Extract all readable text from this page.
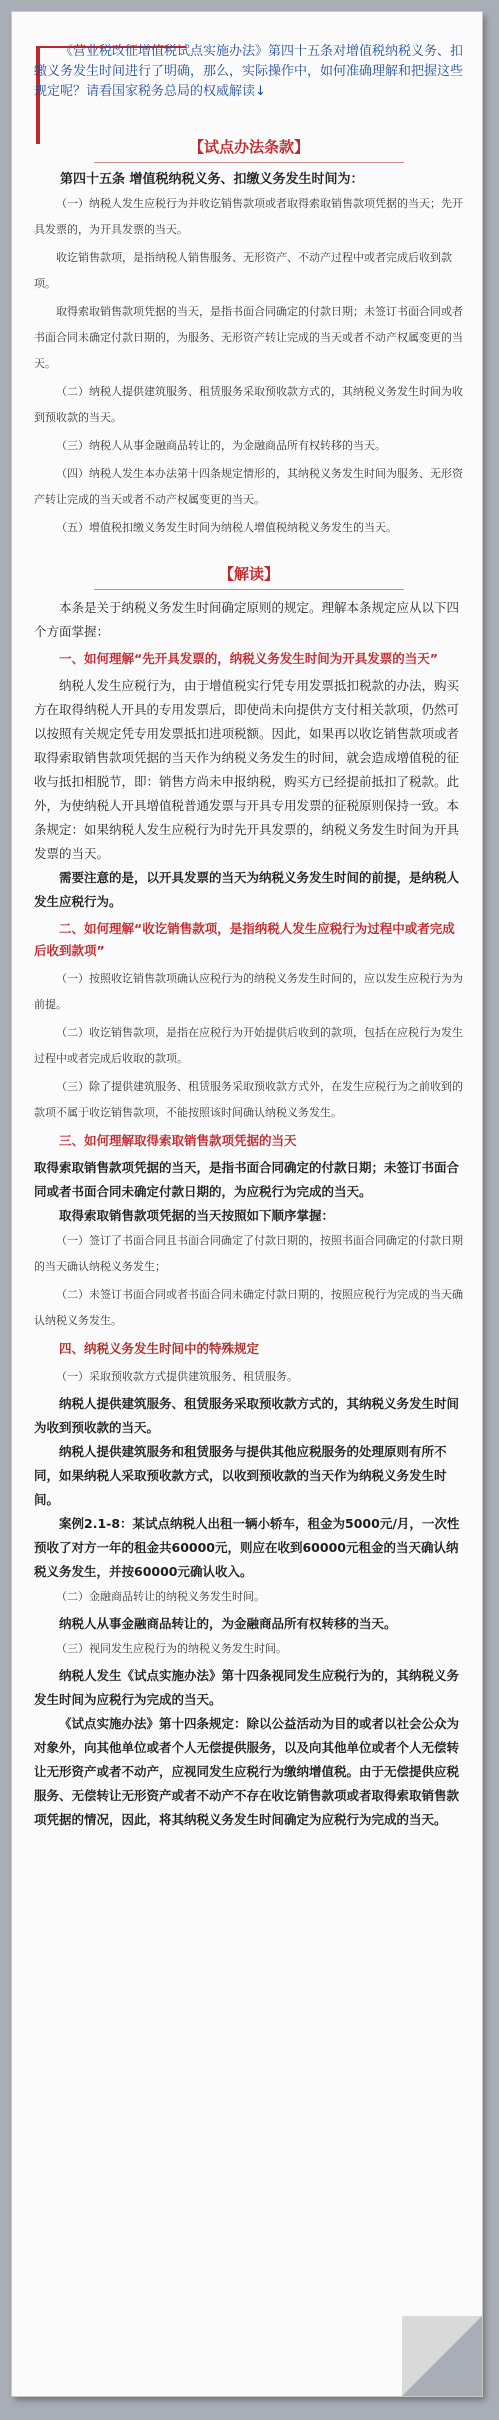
《营业税改征增值税试点实施办法》第四十五条对增值税纳税义务、扣缴义务发生时间进行了明确，那么，实际操作中，如何准确理解和把握这些规定呢？请看国家税务总局的权威解读↓

【试点办法条款】

第四十五条 增值税纳税义务、扣缴义务发生时间为：

（一）纳税人发生应税行为并收讫销售款项或者取得索取销售款项凭据的当天；先开具发票的，为开具发票的当天。

收讫销售款项，是指纳税人销售服务、无形资产、不动产过程中或者完成后收到款项。

取得索取销售款项凭据的当天，是指书面合同确定的付款日期；未签订书面合同或者书面合同未确定付款日期的，为服务、无形资产转让完成的当天或者不动产权属变更的当天。

（二）纳税人提供建筑服务、租赁服务采取预收款方式的，其纳税义务发生时间为收到预收款的当天。

（三）纳税人从事金融商品转让的，为金融商品所有权转移的当天。

（四）纳税人发生本办法第十四条规定情形的，其纳税义务发生时间为服务、无形资产转让完成的当天或者不动产权属变更的当天。

（五）增值税扣缴义务发生时间为纳税人增值税纳税义务发生的当天。

【解读】

本条是关于纳税义务发生时间确定原则的规定。理解本条规定应从以下四个方面掌握：

一、如何理解“先开具发票的，纳税义务发生时间为开具发票的当天”

纳税人发生应税行为，由于增值税实行凭专用发票抵扣税款的办法，购买方在取得纳税人开具的专用发票后，即使尚未向提供方支付相关款项，仍然可以按照有关规定凭专用发票抵扣进项税额。因此，如果再以收讫销售款项或者取得索取销售款项凭据的当天作为纳税义务发生的时间，就会造成增值税的征收与抵扣相脱节，即：销售方尚未申报纳税，购买方已经提前抵扣了税款。此外，为使纳税人开具增值税普通发票与开具专用发票的征税原则保持一致。本条规定：如果纳税人发生应税行为时先开具发票的，纳税义务发生时间为开具发票的当天。

需要注意的是，以开具发票的当天为纳税义务发生时间的前提，是纳税人发生应税行为。

二、如何理解“收讫销售款项，是指纳税人发生应税行为过程中或者完成后收到款项”

（一）按照收讫销售款项确认应税行为的纳税义务发生时间的，应以发生应税行为为前提。

（二）收讫销售款项，是指在应税行为开始提供后收到的款项，包括在应税行为发生过程中或者完成后收取的款项。

（三）除了提供建筑服务、租赁服务采取预收款方式外，在发生应税行为之前收到的款项不属于收讫销售款项，不能按照该时间确认纳税义务发生。

三、如何理解取得索取销售款项凭据的当天

取得索取销售款项凭据的当天，是指书面合同确定的付款日期；未签订书面合同或者书面合同未确定付款日期的，为应税行为完成的当天。

取得索取销售款项凭据的当天按照如下顺序掌握：

（一）签订了书面合同且书面合同确定了付款日期的，按照书面合同确定的付款日期的当天确认纳税义务发生；

（二）未签订书面合同或者书面合同未确定付款日期的，按照应税行为完成的当天确认纳税义务发生。

四、纳税义务发生时间中的特殊规定

（一）采取预收款方式提供建筑服务、租赁服务。

纳税人提供建筑服务、租赁服务采取预收款方式的，其纳税义务发生时间为收到预收款的当天。

纳税人提供建筑服务和租赁服务与提供其他应税服务的处理原则有所不同，如果纳税人采取预收款方式，以收到预收款的当天作为纳税义务发生时间。

案例2.1-8：某试点纳税人出租一辆小轿车，租金为5000元/月，一次性预收了对方一年的租金共60000元，则应在收到60000元租金的当天确认纳税义务发生，并按60000元确认收入。

（二）金融商品转让的纳税义务发生时间。

纳税人从事金融商品转让的，为金融商品所有权转移的当天。

（三）视同发生应税行为的纳税义务发生时间。

纳税人发生《试点实施办法》第十四条视同发生应税行为的，其纳税义务发生时间为应税行为完成的当天。

《试点实施办法》第十四条规定：除以公益活动为目的或者以社会公众为对象外，向其他单位或者个人无偿提供服务，以及向其他单位或者个人无偿转让无形资产或者不动产，应视同发生应税行为缴纳增值税。由于无偿提供应税服务、无偿转让无形资产或者不动产不存在收讫销售款项或者取得索取销售款项凭据的情况，因此，将其纳税义务发生时间确定为应税行为完成的当天。
